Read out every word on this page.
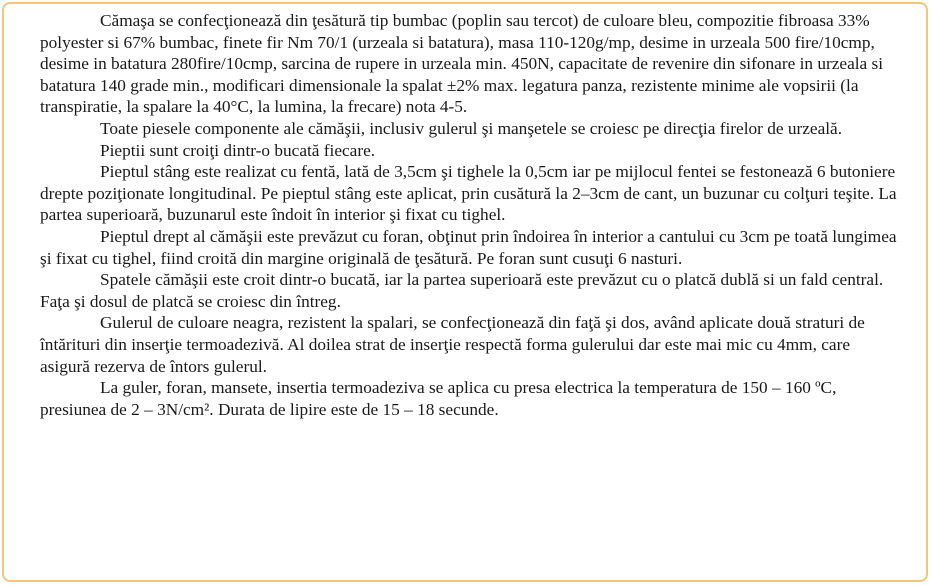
Cămaşa se confecţionează din ţesătură tip bumbac (poplin sau tercot) de culoare bleu, compozitie fibroasa 33% polyester si 67% bumbac, finete fir Nm 70/1 (urzeala si batatura), masa 110-120g/mp, desime in urzeala 500 fire/10cmp, desime in batatura 280fire/10cmp, sarcina de rupere in urzeala min. 450N, capacitate de revenire din sifonare in urzeala si batatura 140 grade min., modificari dimensionale la spalat ±2% max. legatura panza, rezistente minime ale vopsirii (la transpiratie, la spalare la 40°C, la lumina, la frecare) nota 4-5.

Toate piesele componente ale cămăşii, inclusiv gulerul şi manşetele se croiesc pe direcţia firelor de urzeală.

Pieptii sunt croiţi dintr-o bucată fiecare.

Pieptul stâng este realizat cu fentă, lată de 3,5cm şi tighele la 0,5cm iar pe mijlocul fentei se festonează 6 butoniere drepte poziţionate longitudinal. Pe pieptul stâng este aplicat, prin cusătură la 2–3cm de cant, un buzunar cu colţuri teşite. La partea superioară, buzunarul este îndoit în interior şi fixat cu tighel.

Pieptul drept al cămăşii este prevăzut cu foran, obţinut prin îndoirea în interior a cantului cu 3cm pe toată lungimea şi fixat cu tighel, fiind croită din margine originală de ţesătură. Pe foran sunt cusuţi 6 nasturi.

Spatele cămăşii este croit dintr-o bucată, iar la partea superioară este prevăzut cu o platcă dublă si un fald central. Faţa şi dosul de platcă se croiesc din întreg.

Gulerul de culoare neagra, rezistent la spalari, se confecţionează din faţă şi dos, având aplicate două straturi de întărituri din inserţie termoadezivă. Al doilea strat de inserţie respectă forma gulerului dar este mai mic cu 4mm, care asigură rezerva de întors gulerul.

La guler, foran, mansete, insertia termoadeziva se aplica cu presa electrica la temperatura de 150 – 160 ºC, presiunea de 2 – 3N/cm². Durata de lipire este de 15 – 18 secunde.
